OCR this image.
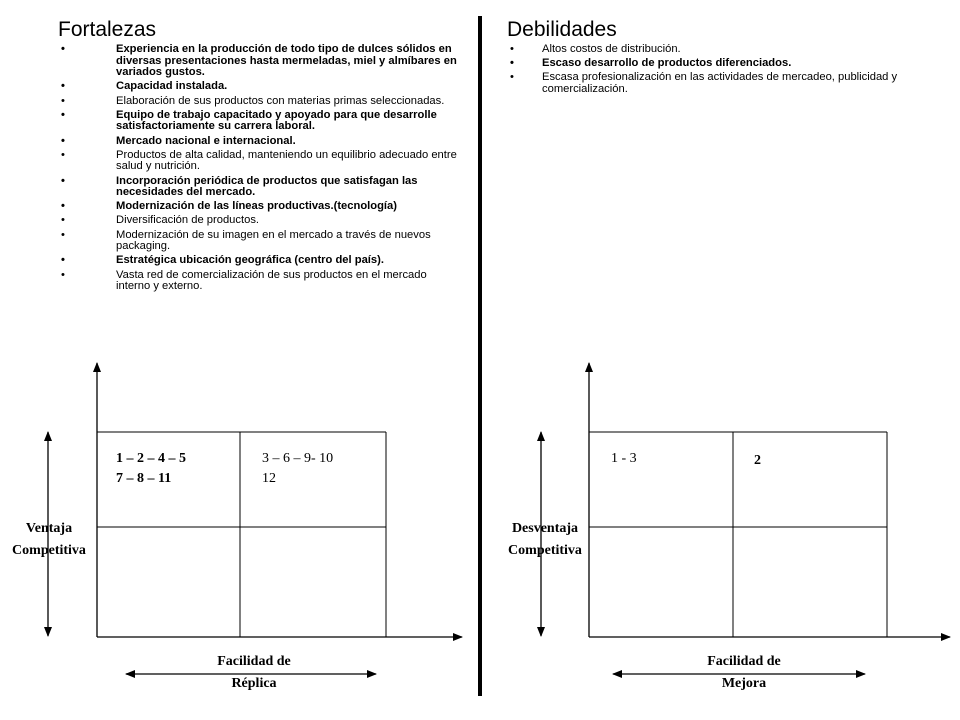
Fortalezas
•	Experiencia en la producción de todo tipo de dulces sólidos en diversas presentaciones hasta mermeladas, miel y almíbares en variados gustos.
•	Capacidad instalada.
•	Elaboración de sus productos con materias primas seleccionadas.
•	Equipo de trabajo capacitado y apoyado para que desarrolle satisfactoriamente su carrera laboral.
•	Mercado nacional e internacional.
•	Productos de alta calidad, manteniendo un equilibrio adecuado entre salud y nutrición.
•	Incorporación periódica de productos que satisfagan las necesidades del mercado.
•	Modernización de las líneas productivas.(tecnología)
•	Diversificación de productos.
•	Modernización de su imagen en el mercado a través de nuevos packaging.
•	Estratégica ubicación geográfica (centro del país).
•	Vasta red de comercialización de sus productos en el mercado interno y externo.
Debilidades
•	Altos costos de distribución.
•	Escaso desarrollo de productos diferenciados.
•	Escasa profesionalización en las actividades de mercadeo, publicidad y comercialización.
1 – 2 – 4 – 5
7 – 8 – 11
3 – 6 – 9- 10
12
Ventaja
Competitiva
Facilidad de
Réplica
1 - 3	2
Desventaja
Competitiva
Facilidad de
Mejora
